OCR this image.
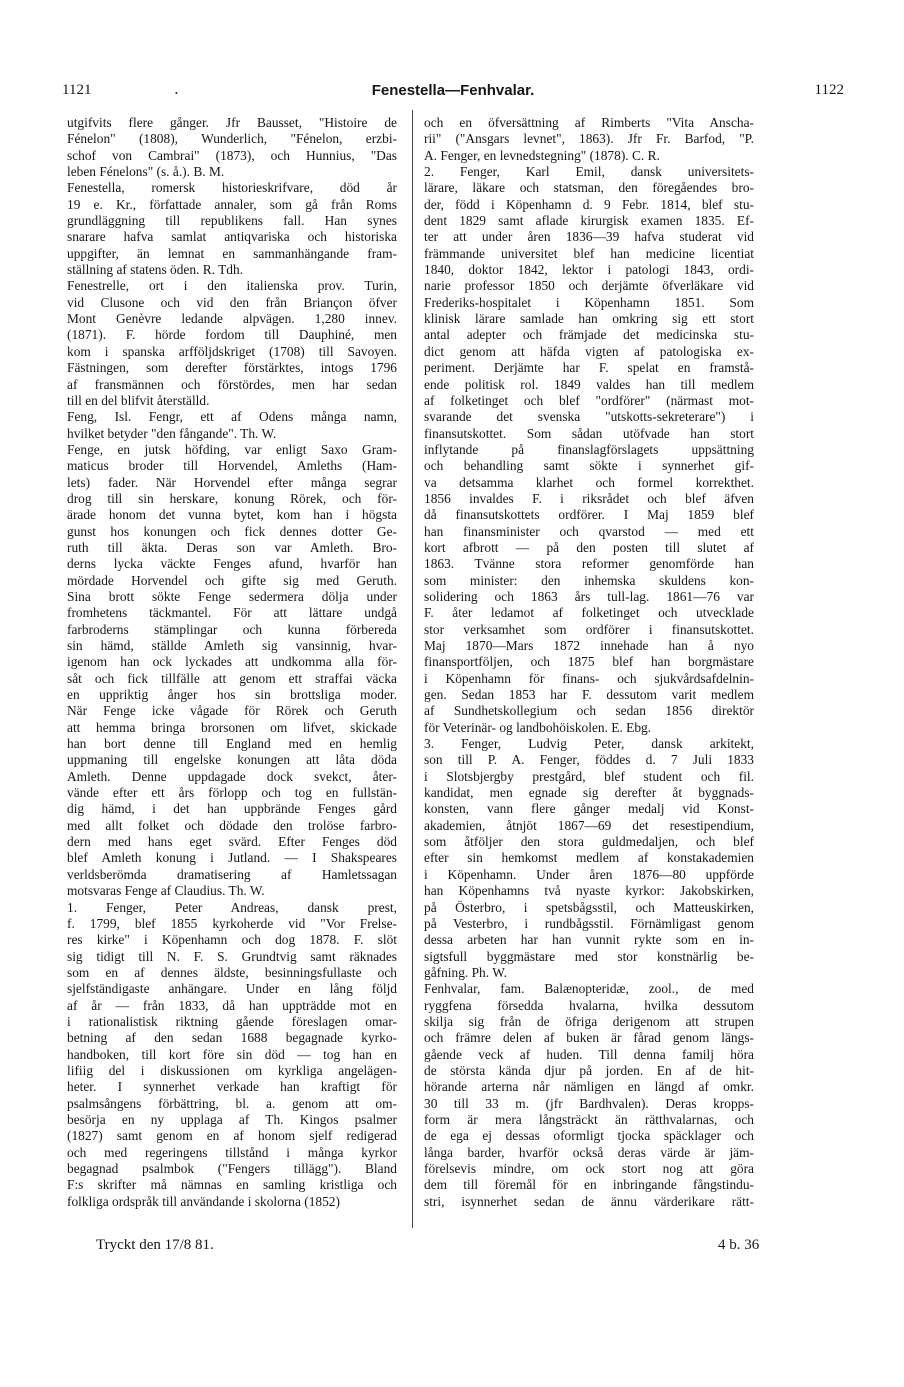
1121	.	Fenestella—Fenhvalar.	1122
utgifvits flere gånger. Jfr Bausset, "Histoire de
Fénelon" (1808), Wunderlich, "Fénelon, erzbi-
schof von Cambrai" (1873), och Hunnius, "Das
leben Fénelons" (s. å.). B. M.
Fenestella, romersk historieskrifvare, död år
19 e. Kr., författade annaler, som gå från Roms
grundläggning till republikens fall. Han synes
snarare hafva samlat antiqvariska och historiska
uppgifter, än lemnat en sammanhängande fram-
ställning af statens öden. R. Tdh.
Fenestrelle, ort i den italienska prov. Turin,
vid Clusone och vid den från Briançon öfver
Mont Genèvre ledande alpvägen. 1,280 innev.
(1871). F. hörde fordom till Dauphiné, men
kom i spanska arfföljdskriget (1708) till Savoyen.
Fästningen, som derefter förstärktes, intogs 1796
af fransmännen och förstördes, men har sedan
till en del blifvit återställd.
Feng, Isl. Fengr, ett af Odens många namn,
hvilket betyder "den fångande". Th. W.
Fenge, en jutsk höfding, var enligt Saxo Gram-
maticus broder till Horvendel, Amleths (Ham-
lets) fader. När Horvendel efter många segrar
drog till sin herskare, konung Rörek, och för-
ärade honom det vunna bytet, kom han i högsta
gunst hos konungen och fick dennes dotter Ge-
ruth till äkta. Deras son var Amleth. Bro-
derns lycka väckte Fenges afund, hvarför han
mördade Horvendel och gifte sig med Geruth.
Sina brott sökte Fenge sedermera dölja under
fromhetens täckmantel. För att lättare undgå
farbroderns stämplingar och kunna förbereda
sin hämd, ställde Amleth sig vansinnig, hvar-
igenom han ock lyckades att undkomma alla för-
såt och fick tillfälle att genom ett straffai väcka
en uppriktig ånger hos sin brottsliga moder.
När Fenge icke vågade för Rörek och Geruth
att hemma bringa brorsonen om lifvet, skickade
han bort denne till England med en hemlig
uppmaning till engelske konungen att låta döda
Amleth. Denne uppdagade dock svekct, åter-
vände efter ett års förlopp och tog en fullstän-
dig hämd, i det han uppbrände Fenges gård
med allt folket och dödade den trolöse farbro-
dern med hans eget svärd. Efter Fenges död
blef Amleth konung i Jutland. — I Shakspeares
verldsberömda dramatisering af Hamletssagan
motsvaras Fenge af Claudius. Th. W.
1. Fenger, Peter Andreas, dansk prest,
f. 1799, blef 1855 kyrkoherde vid "Vor Frelse-
res kirke" i Köpenhamn och dog 1878. F. slöt
sig tidigt till N. F. S. Grundtvig samt räknades
som en af dennes äldste, besinningsfullaste och
sjelfständigaste anhängare. Under en lång följd
af år — från 1833, då han uppträdde mot en
i rationalistisk riktning gående föreslagen omar-
betning af den sedan 1688 begagnade kyrko-
handboken, till kort före sin död — tog han en
lifiig del i diskussionen om kyrkliga angelägen-
heter. I synnerhet verkade han kraftigt för
psalmsångens förbättring, bl. a. genom att om-
besörja en ny upplaga af Th. Kingos psalmer
(1827) samt genom en af honom sjelf redigerad
och med regeringens tillstånd i många kyrkor
begagnad psalmbok ("Fengers tillägg"). Bland
F:s skrifter må nämnas en samling kristliga och
folkliga ordspråk till användande i skolorna (1852)
och en öfversättning af Rimberts "Vita Anscha-
rii" ("Ansgars levnet", 1863). Jfr Fr. Barfod, "P.
A. Fenger, en levnedstegning" (1878). C. R.
2. Fenger, Karl Emil, dansk universitets-
lärare, läkare och statsman, den föregåendes bro-
der, född i Köpenhamn d. 9 Febr. 1814, blef stu-
dent 1829 samt aflade kirurgisk examen 1835. Ef-
ter att under åren 1836—39 hafva studerat vid
främmande universitet blef han medicine licentiat
1840, doktor 1842, lektor i patologi 1843, ordi-
narie professor 1850 och derjämte öfverläkare vid
Frederiks-hospitalet i Köpenhamn 1851. Som
klinisk lärare samlade han omkring sig ett stort
antal adepter och främjade det medicinska stu-
dict genom att häfda vigten af patologiska ex-
periment. Derjämte har F. spelat en framstå-
ende politisk rol. 1849 valdes han till medlem
af folketinget och blef "ordförer" (närmast mot-
svarande det svenska "utskotts-sekreterare") i
finansutskottet. Som sådan utöfvade han stort
inflytande på finanslagförslagets uppsättning
och behandling samt sökte i synnerhet gif-
va detsamma klarhet och formel korrekthet.
1856 invaldes F. i riksrådet och blef äfven
då finansutskottets ordförer. I Maj 1859 blef
han finansminister och qvarstod — med ett
kort afbrott — på den posten till slutet af
1863. Tvänne stora reformer genomförde han
som minister: den inhemska skuldens kon-
solidering och 1863 års tull-lag. 1861—76 var
F. åter ledamot af folketinget och utvecklade
stor verksamhet som ordförer i finansutskottet.
Maj 1870—Mars 1872 innehade han å nyo
finansportföljen, och 1875 blef han borgmästare
i Köpenhamn för finans- och sjukvårdsafdelnin-
gen. Sedan 1853 har F. dessutom varit medlem
af Sundhetskollegium och sedan 1856 direktör
för Veterinär- og landbohöiskolen. E. Ebg.
3. Fenger, Ludvig Peter, dansk arkitekt,
son till P. A. Fenger, föddes d. 7 Juli 1833
i Slotsbjergby prestgård, blef student och fil.
kandidat, men egnade sig derefter åt byggnads-
konsten, vann flere gånger medalj vid Konst-
akademien, åtnjöt 1867—69 det resestipendium,
som åtföljer den stora guldmedaljen, och blef
efter sin hemkomst medlem af konstakademien
i Köpenhamn. Under åren 1876—80 uppförde
han Köpenhamns två nyaste kyrkor: Jakobskirken,
på Österbro, i spetsbågsstil, och Matteuskirken,
på Vesterbro, i rundbågsstil. Förnämligast genom
dessa arbeten har han vunnit rykte som en in-
sigtsfull byggmästare med stor konstnärlig be-
gåfning. Ph. W.
Fenhvalar, fam. Balænopteridæ, zool., de med
ryggfena försedda hvalarna, hvilka dessutom
skilja sig från de öfriga derigenom att strupen
och främre delen af buken är fårad genom längs-
gående veck af huden. Till denna familj höra
de största kända djur på jorden. En af de hit-
hörande arterna når nämligen en längd af omkr.
30 till 33 m. (jfr Bardhvalen). Deras kropps-
form är mera långsträckt än rätthvalarnas, och
de ega ej dessas oformligt tjocka späcklager och
långa barder, hvarför också deras värde är jäm-
förelsevis mindre, om ock stort nog att göra
dem till föremål för en inbringande fångstindu-
stri, isynnerhet sedan de ännu värderikare rätt-
Tryckt den 17/8 81.	4 b. 36
